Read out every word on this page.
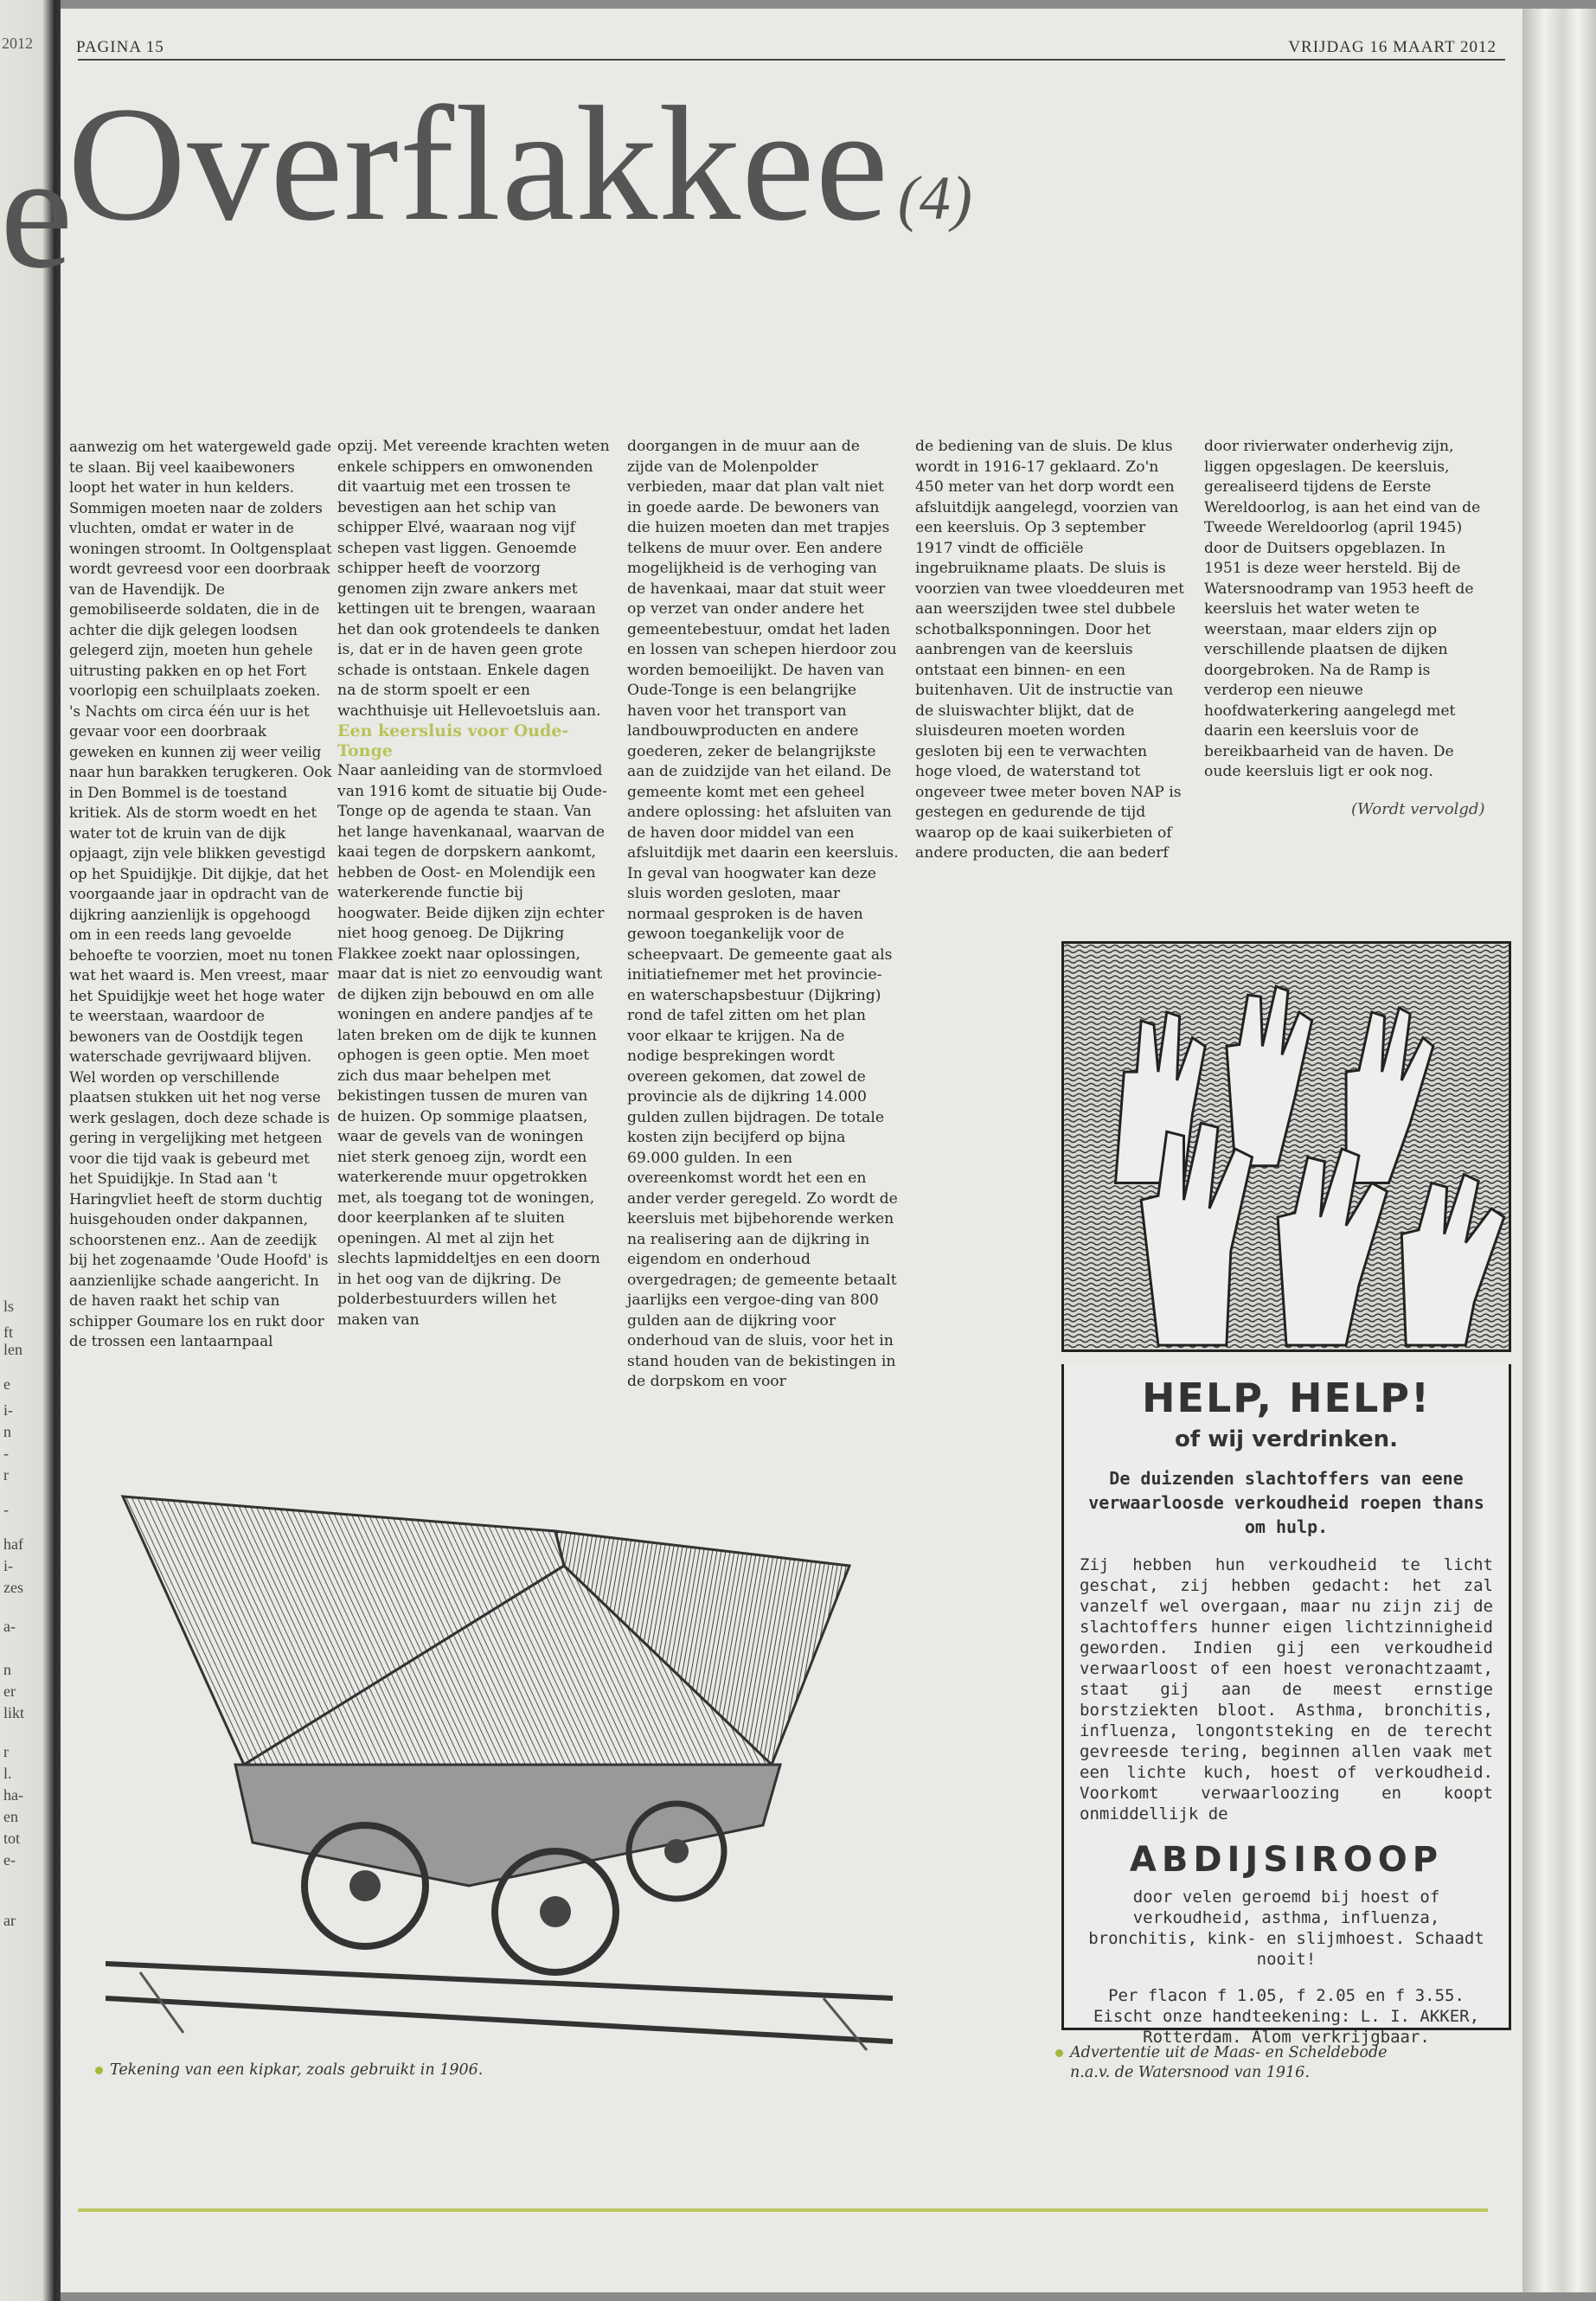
2012	PAGINA 15	VRIJDAG 16 MAART 2012
Overflakkee (4)

aanwezig om het watergeweld gade te slaan. Bij veel kaaibewoners loopt het water in hun kelders. Sommigen moeten naar de zolders vluchten, omdat er water in de woningen stroomt. In Ooltgensplaat wordt gevreesd voor een doorbraak van de Havendijk. De gemobiliseerde soldaten, die in de achter die dijk gelegen loodsen gelegerd zijn, moeten hun gehele uitrusting pakken en op het Fort voorlopig een schuilplaats zoeken. 's Nachts om circa één uur is het gevaar voor een doorbraak geweken en kunnen zij weer veilig naar hun barakken terugkeren. Ook in Den Bommel is de toestand kritiek. Als de storm woedt en het water tot de kruin van de dijk opjaagt, zijn vele blikken gevestigd op het Spuidijkje. Dit dijkje, dat het voorgaande jaar in opdracht van de dijkring aanzienlijk is opgehoogd om in een reeds lang gevoelde behoefte te voorzien, moet nu tonen wat het waard is. Men vreest, maar het Spuidijkje weet het hoge water te weerstaan, waardoor de bewoners van de Oostdijk tegen waterschade gevrijwaard blijven. Wel worden op verschillende plaatsen stukken uit het nog verse werk geslagen, doch deze schade is gering in vergelijking met hetgeen voor die tijd vaak is gebeurd met het Spuidijkje. In Stad aan 't Haringvliet heeft de storm duchtig huisgehouden onder dakpannen, schoorstenen enz.. Aan de zeedijk bij het zogenaamde 'Oude Hoofd' is aanzienlijke schade aangericht. In de haven raakt het schip van schipper Goumare los en rukt door de trossen een lantaarnpaal

opzij. Met vereende krachten weten enkele schippers en omwonenden dit vaartuig met een trossen te bevestigen aan het schip van schipper Elvé, waaraan nog vijf schepen vast liggen. Genoemde schipper heeft de voorzorg genomen zijn zware ankers met kettingen uit te brengen, waaraan het dan ook grotendeels te danken is, dat er in de haven geen grote schade is ontstaan. Enkele dagen na de storm spoelt er een wachthuisje uit Hellevoetsluis aan.

Een keersluis voor Oude-Tonge

Naar aanleiding van de stormvloed van 1916 komt de situatie bij Oude-Tonge op de agenda te staan. Van het lange havenkanaal, waarvan de kaai tegen de dorpskern aankomt, hebben de Oost- en Molendijk een waterkerende functie bij hoogwater. Beide dijken zijn echter niet hoog genoeg. De Dijkring Flakkee zoekt naar oplossingen, maar dat is niet zo eenvoudig want de dijken zijn bebouwd en om alle woningen en andere pandjes af te laten breken om de dijk te kunnen ophogen is geen optie. Men moet zich dus maar behelpen met bekistingen tussen de muren van de huizen. Op sommige plaatsen, waar de gevels van de woningen niet sterk genoeg zijn, wordt een waterkerende muur opgetrokken met, als toegang tot de woningen, door keerplanken af te sluiten openingen. Al met al zijn het slechts lapmiddeltjes en een doorn in het oog van de dijkring. De polderbestuurders willen het maken van

doorgangen in de muur aan de zijde van de Molenpolder verbieden, maar dat plan valt niet in goede aarde. De bewoners van die huizen moeten dan met trapjes telkens de muur over. Een andere mogelijkheid is de verhoging van de havenkaai, maar dat stuit weer op verzet van onder andere het gemeentebestuur, omdat het laden en lossen van schepen hierdoor zou worden bemoeilijkt. De haven van Oude-Tonge is een belangrijke haven voor het transport van landbouwproducten en andere goederen, zeker de belangrijkste aan de zuidzijde van het eiland. De gemeente komt met een geheel andere oplossing: het afsluiten van de haven door middel van een afsluitdijk met daarin een keersluis. In geval van hoogwater kan deze sluis worden gesloten, maar normaal gesproken is de haven gewoon toegankelijk voor de scheepvaart. De gemeente gaat als initiatiefnemer met het provincie- en waterschapsbestuur (Dijkring) rond de tafel zitten om het plan voor elkaar te krijgen. Na de nodige besprekingen wordt overeen gekomen, dat zowel de provincie als de dijkring 14.000 gulden zullen bijdragen. De totale kosten zijn becijferd op bijna 69.000 gulden. In een overeenkomst wordt het een en ander verder geregeld. Zo wordt de keersluis met bijbehorende werken na realisering aan de dijkring in eigendom en onderhoud overgedragen; de gemeente betaalt jaarlijks een vergoe-ding van 800 gulden aan de dijkring voor onderhoud van de sluis, voor het in stand houden van de bekistingen in de dorpskom en voor

de bediening van de sluis. De klus wordt in 1916-17 geklaard. Zo'n 450 meter van het dorp wordt een afsluitdijk aangelegd, voorzien van een keersluis. Op 3 september 1917 vindt de officiële ingebruikname plaats. De sluis is voorzien van twee vloeddeuren met aan weerszijden twee stel dubbele schotbalksponningen. Door het aanbrengen van de keersluis ontstaat een binnen- en een buitenhaven. Uit de instructie van de sluiswachter blijkt, dat de sluisdeuren moeten worden gesloten bij een te verwachten hoge vloed, de waterstand tot ongeveer twee meter boven NAP is gestegen en gedurende de tijd waarop op de kaai suikerbieten of andere producten, die aan bederf

door rivierwater onderhevig zijn, liggen opgeslagen. De keersluis, gerealiseerd tijdens de Eerste Wereldoorlog, is aan het eind van de Tweede Wereldoorlog (april 1945) door de Duitsers opgeblazen. In 1951 is deze weer hersteld. Bij de Watersnoodramp van 1953 heeft de keersluis het water weten te weerstaan, maar elders zijn op verschillende plaatsen de dijken doorgebroken. Na de Ramp is verderop een nieuwe hoofdwaterkering aangelegd met daarin een keersluis voor de bereikbaarheid van de haven. De oude keersluis ligt er ook nog.

(Wordt vervolgd)
Tekening van een kipkar, zoals gebruikt in 1906.
HELP, HELP!
of wij verdrinken.
De duizenden slachtoffers van eene verwaarloosde verkoudheid roepen thans om hulp.
Zij hebben hun verkoudheid te licht geschat, zij hebben gedacht: het zal vanzelf wel overgaan, maar nu zijn zij de slachtoffers hunner eigen lichtzinnigheid geworden. Indien gij een verkoudheid verwaarloost of een hoest veronachtzaamt, staat gij aan de meest ernstige borstziekten bloot. Asthma, bronchitis, influenza, longontsteking en de terecht gevreesde tering, beginnen allen vaak met een lichte kuch, hoest of verkoudheid. Voorkomt verwaarloozing en koopt onmiddellijk de
ABDIJSIROOP
door velen geroemd bij hoest of verkoudheid, asthma, influenza, bronchitis, kink- en slijmhoest. Schaadt nooit!
Per flacon f 1.05, f 2.05 en f 3.55. Eischt onze handteekening: L. I. AKKER, Rotterdam. Alom verkrijgbaar.
Advertentie uit de Maas- en Scheldebode
n.a.v. de Watersnood van 1916.
e
ls
ft
len
e
i-
n
-
r
-
haf
i-
zes
a-
n
er
likt
r
l.
ha-
en
tot
e-
ar
